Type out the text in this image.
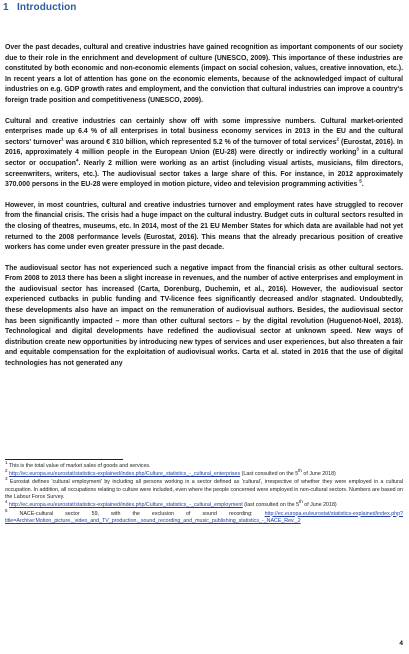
1 Introduction

Over the past decades, cultural and creative industries have gained recognition as important components of our society due to their role in the enrichment and development of culture (UNESCO, 2009). This importance of these industries are constituted by both economic and non-economic elements (impact on social cohesion, values, creative innovation, etc.). In recent years a lot of attention has gone on the economic elements, because of the acknowledged impact of cultural industries on e.g. GDP growth rates and employment, and the conviction that cultural industries can improve a country's foreign trade position and competitiveness (UNESCO, 2009).

Cultural and creative industries can certainly show off with some impressive numbers. Cultural market-oriented enterprises made up 6.4 % of all enterprises in total business economy services in 2013 in the EU and the cultural sectors' turnover$^1$ was around € 310 billion, which represented 5.2 % of the turnover of total services$^2$ (Eurostat, 2016). In 2016, approximately 4 million people in the European Union (EU-28) were directly or indirectly working$^3$ in a cultural sector or occupation$^4$. Nearly 2 million were working as an artist (including visual artists, musicians, film directors, screenwriters, writers, etc.). The audiovisual sector takes a large share of this. For instance, in 2012 approximately 370.000 persons in the EU-28 were employed in motion picture, video and television programming activities $^5$.

However, in most countries, cultural and creative industries turnover and employment rates have struggled to recover from the financial crisis. The crisis had a huge impact on the cultural industry. Budget cuts in cultural sectors resulted in the closing of theatres, museums, etc. In 2014, most of the 21 EU Member States for which data are available had not yet returned to the 2008 performance levels (Eurostat, 2016). This means that the already precarious position of creative workers has come under even greater pressure in the past decade.

The audiovisual sector has not experienced such a negative impact from the financial crisis as other cultural sectors. From 2008 to 2013 there has been a slight increase in revenues, and the number of active enterprises and employment in the audiovisual sector has increased (Carta, Dorenburg, Duchemin, et al., 2016). However, the audiovisual sector experienced cutbacks in public funding and TV-licence fees significantly decreased and/or stagnated. Undoubtedly, these developments also have an impact on the remuneration of audiovisual authors. Besides, the audiovisual sector has been significantly impacted – more than other cultural sectors – by the digital revolution (Huguenot-Noël, 2018). Technological and digital developments have redefined the audiovisual sector at unknown speed. New ways of distribution create new opportunities by introducing new types of services and user experiences, but also threaten a fair and equitable compensation for the exploitation of audiovisual works. Carta et al. stated in 2016 that the use of digital technologies has not generated any

$^1$ This is the total value of market sales of goods and services.
$^2$ http://ec.europa.eu/eurostat/statistics-explained/index.php/Culture_statistics_-_cultural_enterprises (Last consulted on the 5th of June 2018)
$^3$ Eurostat defines 'cultural employment' by including all persons working in a sector defined as 'cultural', irrespective of whether they were employed in a cultural occupation. In addition, all occupations relating to culture were included, even where the people concerned were employed in non-cultural sectors. Numbers are based on the Labour Force Survey.
$^4$ http://ec.europa.eu/eurostat/statistics-explained/index.php/Culture_statistics_-_cultural_employment (last consulted on the 5th of June 2018)
$^5$ NACE-cultural sector 59, with the exclusion of sound recording: http://ec.europa.eu/eurostat/statistics-explained/index.php?title=Archive:Motion_picture,_video_and_TV_production,_sound_recording_and_music_publishing_statistics_-_NACE_Rev._2
4
